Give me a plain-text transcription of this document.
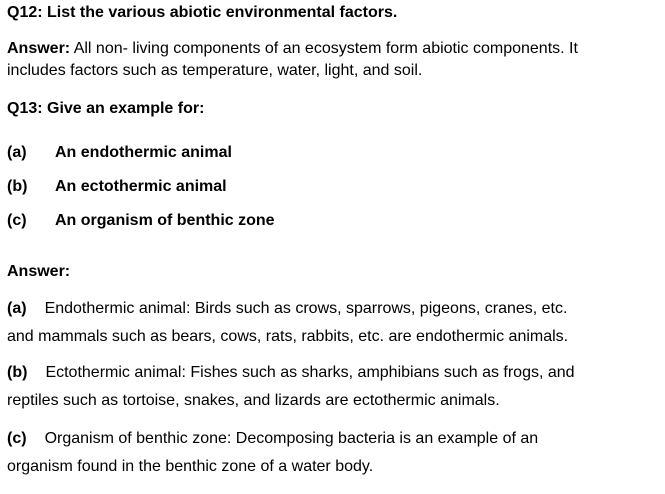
Q12: List the various abiotic environmental factors.
Answer: All non- living components of an ecosystem form abiotic components. It
includes factors such as temperature, water, light, and soil.
Q13: Give an example for:
(a) An endothermic animal
(b) An ectothermic animal
(c) An organism of benthic zone
Answer:
(a) Endothermic animal: Birds such as crows, sparrows, pigeons, cranes, etc.
and mammals such as bears, cows, rats, rabbits, etc. are endothermic animals.
(b) Ectothermic animal: Fishes such as sharks, amphibians such as frogs, and
reptiles such as tortoise, snakes, and lizards are ectothermic animals.
(c) Organism of benthic zone: Decomposing bacteria is an example of an
organism found in the benthic zone of a water body.
